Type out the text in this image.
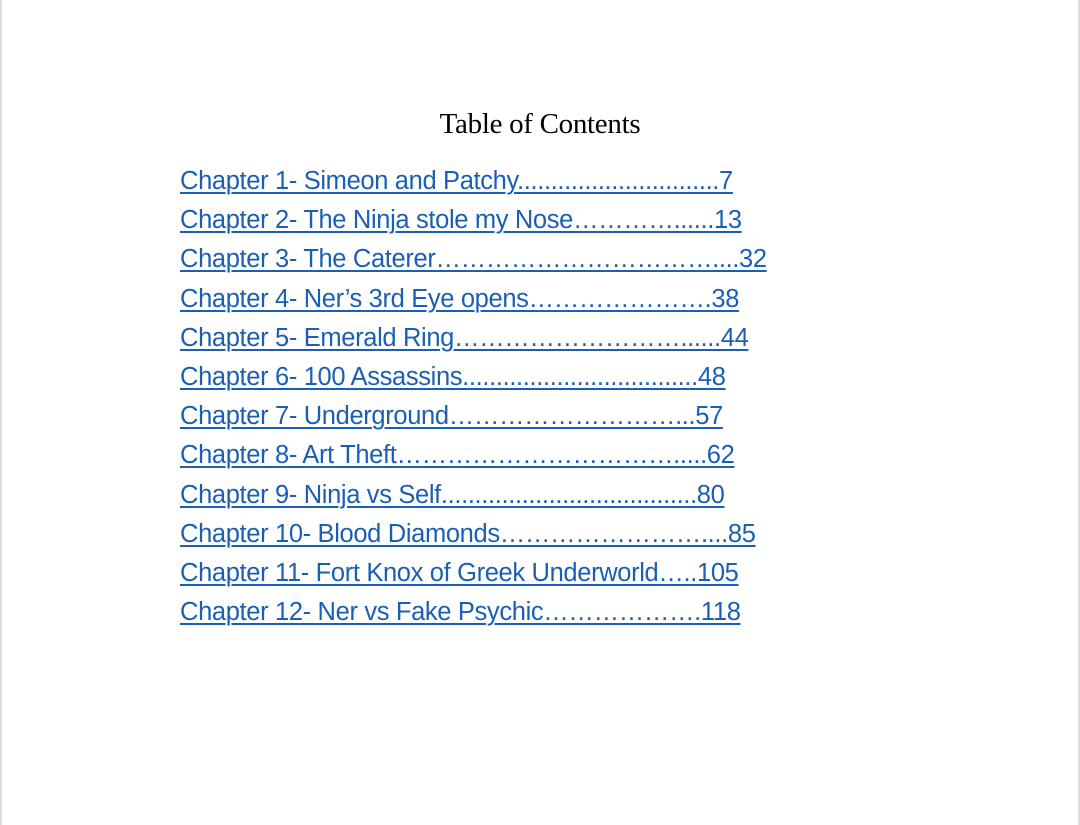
Table of Contents
Chapter 1- Simeon and Patchy..............................7
Chapter 2- The Ninja stole my Nose…………......13
Chapter 3- The Caterer……………………………....32
Chapter 4- Ner’s 3rd Eye opens………………….38
Chapter 5- Emerald Ring………………………......44
Chapter 6- 100 Assassins...................................48
Chapter 7- Underground………………………...57
Chapter 8- Art Theft…………………………….....62
Chapter 9- Ninja vs Self......................................80
Chapter 10- Blood Diamonds……………………....85
Chapter 11- Fort Knox of Greek Underworld…..105
Chapter 12- Ner vs Fake Psychic……………….118
